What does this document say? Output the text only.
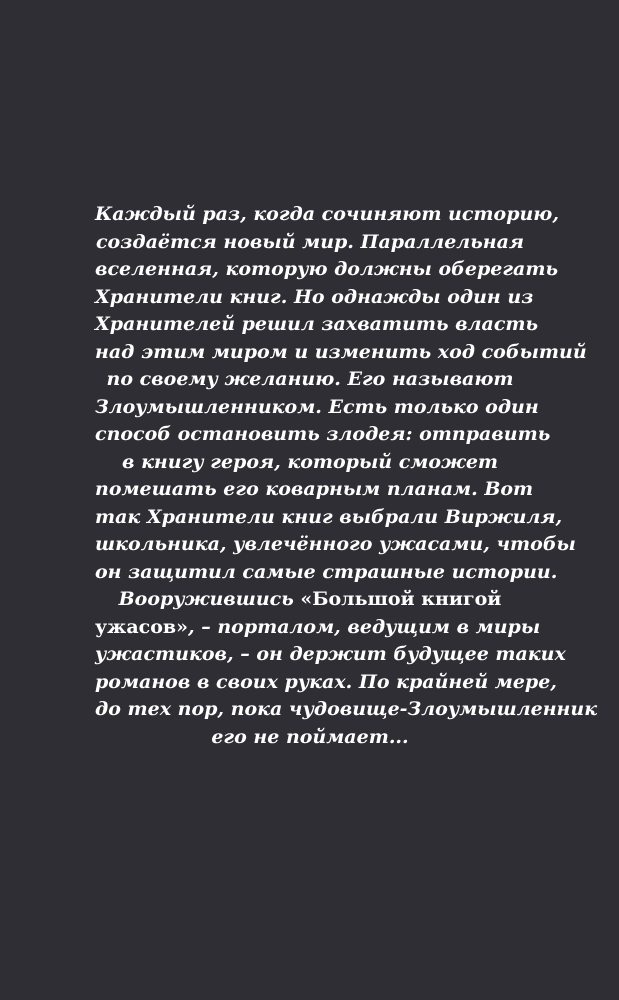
Каждый раз, когда сочиняют историю,
создаётся новый мир. Параллельная
вселенная, которую должны оберегать
Хранители книг. Но однажды один из
Хранителей решил захватить власть
над этим миром и изменить ход событий
по своему желанию. Его называют
Злоумышленником. Есть только один
способ остановить злодея: отправить
в книгу героя, который сможет
помешать его коварным планам. Вот
так Хранители книг выбрали Виржиля,
школьника, увлечённого ужасами, чтобы
он защитил самые страшные истории.
Вооружившись «Большой книгой
ужасов», – порталом, ведущим в миры
ужастиков, – он держит будущее таких
романов в своих руках. По крайней мере,
до тех пор, пока чудовище-Злоумышленник
его не поймает...
